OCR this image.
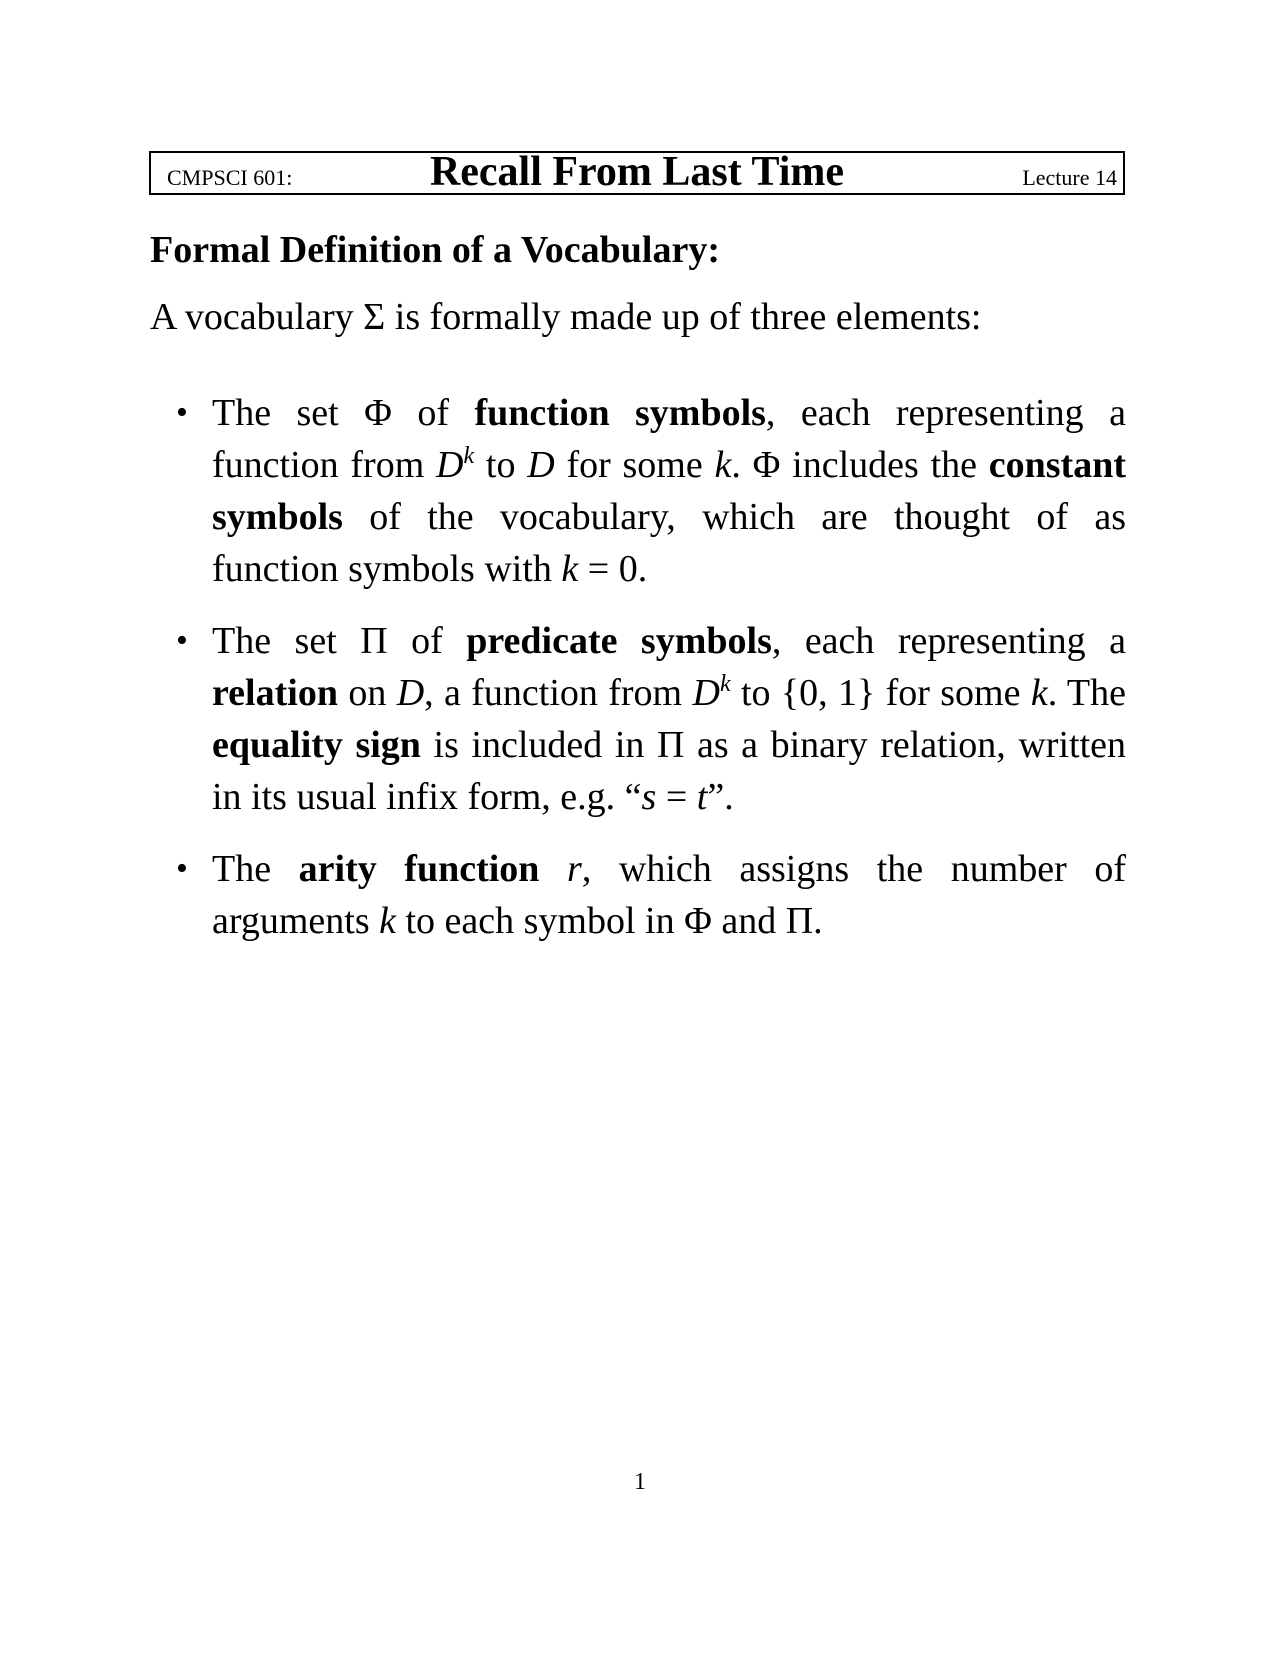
CMPSCI 601:	Recall From Last Time	Lecture 14
Formal Definition of a Vocabulary:

A vocabulary Σ is formally made up of three elements:

• The set Φ of function symbols, each representing a function from $D^k$ to D for some k. Φ includes the constant symbols of the vocabulary, which are thought of as function symbols with k = 0.
• The set Π of predicate symbols, each representing a relation on D, a function from $D^k$ to {0, 1} for some k. The equality sign is included in Π as a binary relation, written in its usual infix form, e.g. “s = t”.
• The arity function r, which assigns the number of arguments k to each symbol in Φ and Π.
1
